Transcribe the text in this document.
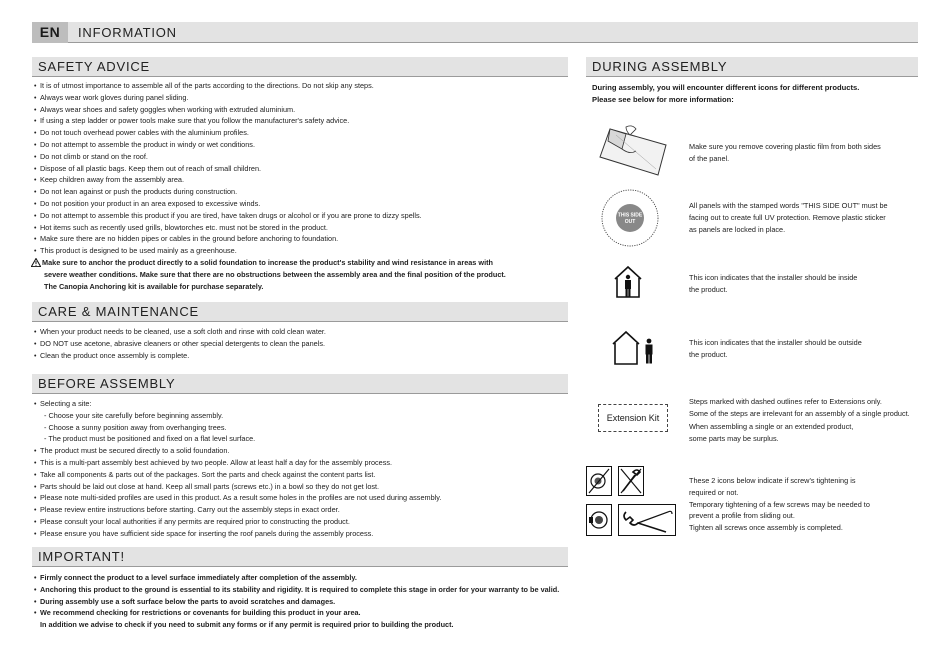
EN	INFORMATION
SAFETY ADVICE
• It is of utmost importance to assemble all of the parts according to the directions. Do not skip any steps.
• Always wear work gloves during panel sliding.
• Always wear shoes and safety goggles when working with extruded aluminium.
• If using a step ladder or power tools make sure that you follow the manufacturer's safety advice.
• Do not touch overhead power cables with the aluminium profiles.
• Do not attempt to assemble the product in windy or wet conditions.
• Do not climb or stand on the roof.
• Dispose of all plastic bags. Keep them out of reach of small children.
• Keep children away from the assembly area.
• Do not lean against or push the products during construction.
• Do not position your product in an area exposed to excessive winds.
• Do not attempt to assemble this product if you are tired, have taken drugs or alcohol or if you are prone to dizzy spells.
• Hot items such as recently used grills, blowtorches etc. must not be stored in the product.
• Make sure there are no hidden pipes or cables in the ground before anchoring to foundation.
• This product is designed to be used mainly as a greenhouse.
Make sure to anchor the product directly to a solid foundation to increase the product's stability and wind resistance in areas with
severe weather conditions. Make sure that there are no obstructions between the assembly area and the final position of the product.
The Canopia Anchoring kit is available for purchase separately.
CARE & MAINTENANCE
• When your product needs to be cleaned, use a soft cloth and rinse with cold clean water.
• DO NOT use acetone, abrasive cleaners or other special detergents to clean the panels.
• Clean the product once assembly is complete.
BEFORE ASSEMBLY
• Selecting a site:
- Choose your site carefully before beginning assembly.
- Choose a sunny position away from overhanging trees.
- The product must be positioned and fixed on a flat level surface.
• The product must be secured directly to a solid foundation.
• This is a multi-part assembly best achieved by two people. Allow at least half a day for the assembly process.
• Take all components & parts out of the packages. Sort the parts and check against the content parts list.
• Parts should be laid out close at hand. Keep all small parts (screws etc.) in a bowl so they do not get lost.
• Please note multi-sided profiles are used in this product. As a result some holes in the profiles are not used during assembly.
• Please review entire instructions before starting. Carry out the assembly steps in exact order.
• Please consult your local authorities if any permits are required prior to constructing the product.
• Please ensure you have sufficient side space for inserting the roof panels during the assembly process.
IMPORTANT!
• Firmly connect the product to a level surface immediately after completion of the assembly.
• Anchoring this product to the ground is essential to its stability and rigidity. It is required to complete this stage in order for your warranty to be valid.
• During assembly use a soft surface below the parts to avoid scratches and damages.
• We recommend checking for restrictions or covenants for building this product in your area.
In addition we advise to check if you need to submit any forms or if any permit is required prior to building the product.
DURING ASSEMBLY
During assembly, you will encounter different icons for different products.
Please see below for more information:
Make sure you remove covering plastic film from both sides
of the panel.
THIS SIDE
OUT
All panels with the stamped words "THIS SIDE OUT" must be
facing out to create full UV protection. Remove plastic sticker
as panels are locked in place.
This icon indicates that the installer should be inside
the product.
This icon indicates that the installer should be outside
the product.
Extension Kit
Steps marked with dashed outlines refer to Extensions only.
Some of the steps are irrelevant for an assembly of a single product.
When assembling a single or an extended product,
some parts may be surplus.
These 2 icons below indicate if screw's tightening is
required or not.
Temporary tightening of a few screws may be needed to
prevent a profile from sliding out.
Tighten all screws once assembly is completed.
